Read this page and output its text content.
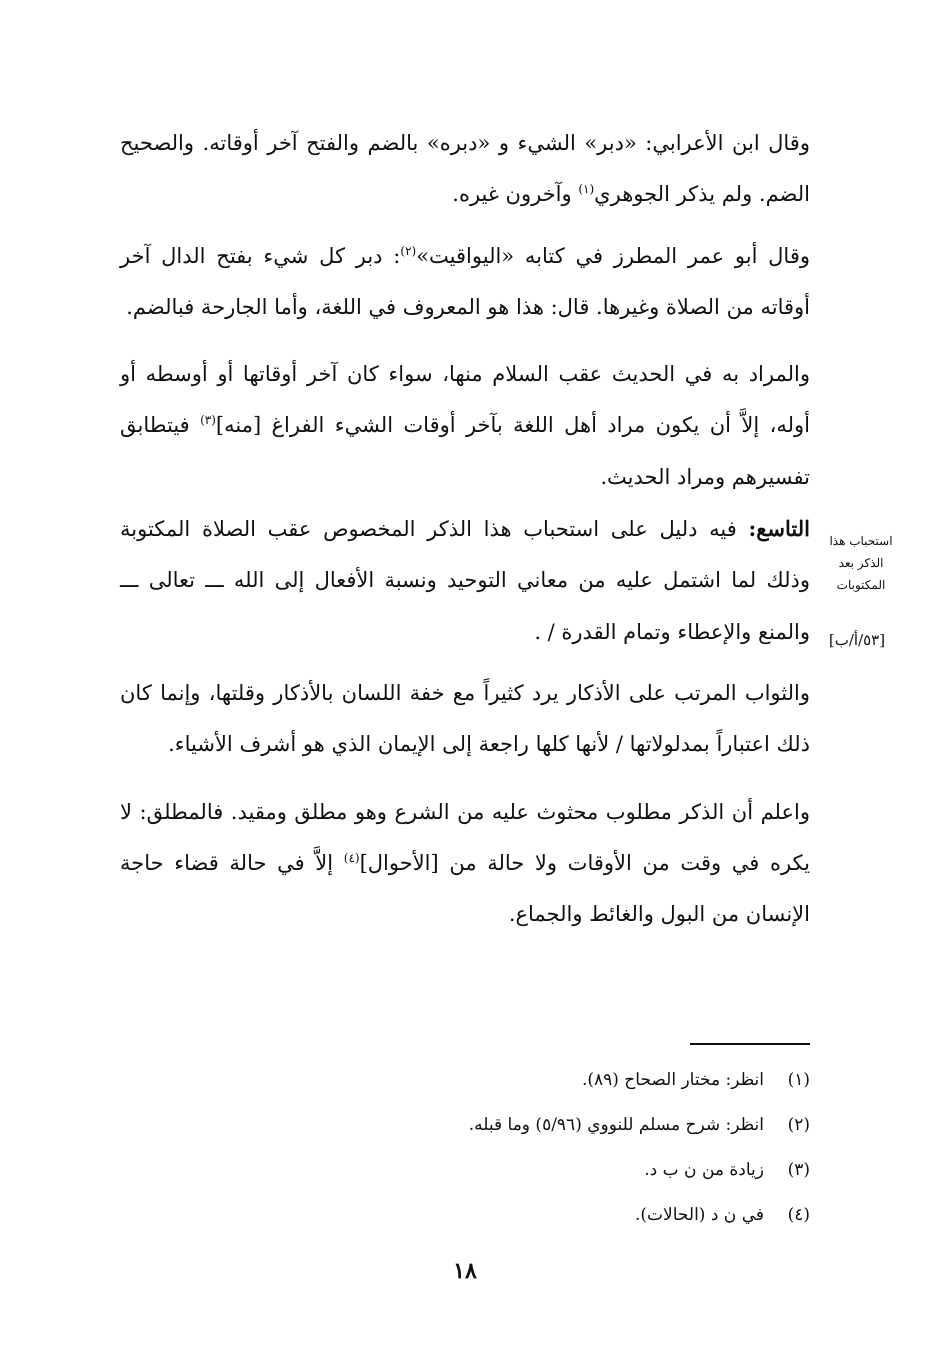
وقال ابن الأعرابي: «دبر» الشيء و «دبره» بالضم والفتح آخر أوقاته. والصحيح الضم. ولم يذكر الجوهري$^{(١)}$ وآخرون غيره.

وقال أبو عمر المطرز في كتابه «اليواقيت»$^{(٢)}$: دبر كل شيء بفتح الدال آخر أوقاته من الصلاة وغيرها. قال: هذا هو المعروف في اللغة، وأما الجارحة فبالضم.

والمراد به في الحديث عقب السلام منها، سواء كان آخر أوقاتها أو أوسطه أو أوله، إلاَّ أن يكون مراد أهل اللغة بآخر أوقات الشيء الفراغ [منه]$^{(٣)}$ فيتطابق تفسيرهم ومراد الحديث.

التاسع: فيه دليل على استحباب هذا الذكر المخصوص عقب الصلاة المكتوبة وذلك لما اشتمل عليه من معاني التوحيد ونسبة الأفعال إلى الله ـــ تعالى ـــ والمنع والإعطاء وتمام القدرة / .

والثواب المرتب على الأذكار يرد كثيراً مع خفة اللسان بالأذكار وقلتها، وإنما كان ذلك اعتباراً بمدلولاتها / لأنها كلها راجعة إلى الإيمان الذي هو أشرف الأشياء.

واعلم أن الذكر مطلوب محثوث عليه من الشرع وهو مطلق ومقيد. فالمطلق: لا يكره في وقت من الأوقات ولا حالة من [الأحوال]$^{(٤)}$ إلاَّ في حالة قضاء حاجة الإنسان من البول والغائط والجماع.

استحباب هذا الذكر بعد المكتوبات
[٥٣/أ/ب]
(١)
انظر: مختار الصحاح (٨٩).
(٢)
انظر: شرح مسلم للنووي (٥/٩٦) وما قبله.
(٣)
زيادة من ن ب د.
(٤)
في ن د (الحالات).
١٨
